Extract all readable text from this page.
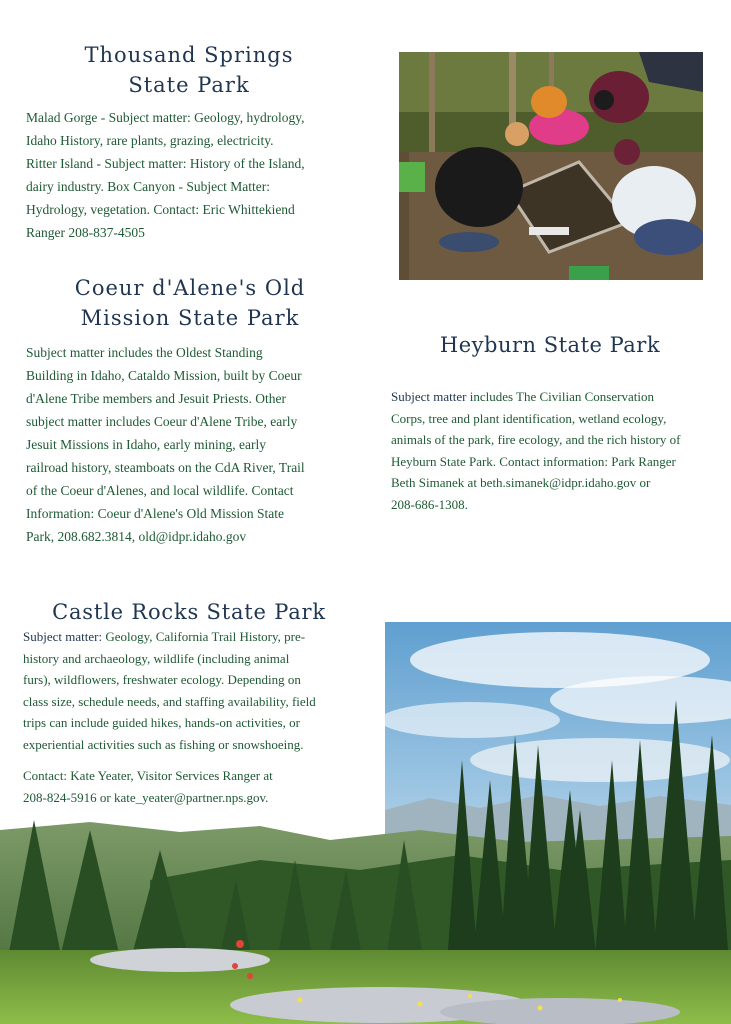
Thousand Springs
State Park
Malad Gorge - Subject matter: Geology, hydrology,
Idaho History, rare plants, grazing, electricity.
Ritter Island - Subject matter: History of the Island,
dairy industry. Box Canyon - Subject Matter:
Hydrology, vegetation. Contact: Eric Whittekiend
Ranger 208-837-4505
Coeur d'Alene's Old
Mission State Park
Subject matter includes the Oldest Standing
Building in Idaho, Cataldo Mission, built by Coeur
d'Alene Tribe members and Jesuit Priests. Other
subject matter includes Coeur d'Alene Tribe, early
Jesuit Missions in Idaho, early mining, early
railroad history, steamboats on the CdA River, Trail
of the Coeur d'Alenes, and local wildlife. Contact
Information: Coeur d'Alene's Old Mission State
Park, 208.682.3814, old@idpr.idaho.gov
Heyburn State Park
Subject matter includes The Civilian Conservation
Corps, tree and plant identification, wetland ecology,
animals of the park, fire ecology, and the rich history of
Heyburn State Park. Contact information: Park Ranger
Beth Simanek at beth.simanek@idpr.idaho.gov or
208-686-1308.
Castle Rocks State Park
Subject matter: Geology, California Trail History, pre-
history and archaeology, wildlife (including animal
furs), wildflowers, freshwater ecology. Depending on
class size, schedule needs, and staffing availability, field
trips can include guided hikes, hands-on activities, or
experiential activities such as fishing or snowshoeing.
Contact: Kate Yeater, Visitor Services Ranger at
208-824-5916 or kate_yeater@partner.nps.gov.
